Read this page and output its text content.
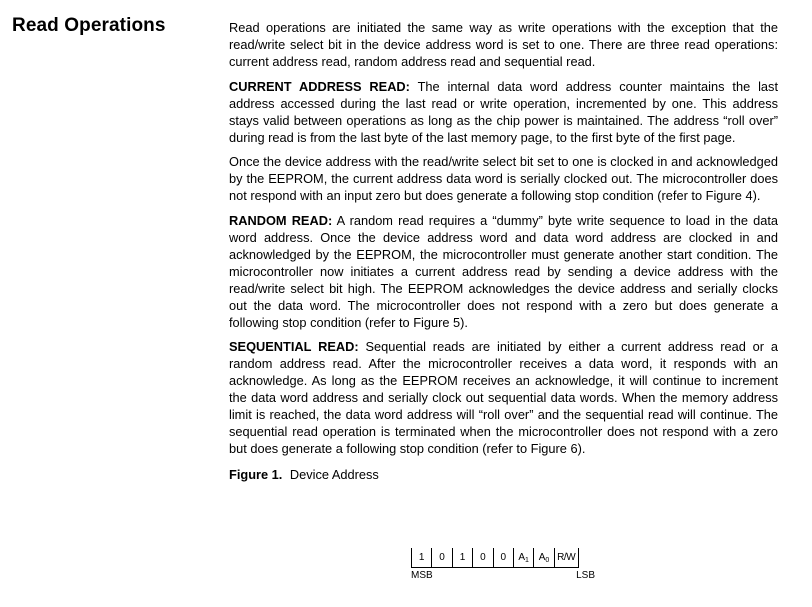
Read Operations	Read operations are initiated the same way as write operations with the exception that the read/write select bit in the device address word is set to one. There are three read operations: current address read, random address read and sequential read.

CURRENT ADDRESS READ: The internal data word address counter maintains the last address accessed during the last read or write operation, incremented by one. This address stays valid between operations as long as the chip power is maintained. The address “roll over” during read is from the last byte of the last memory page, to the first byte of the first page.

Once the device address with the read/write select bit set to one is clocked in and acknowledged by the EEPROM, the current address data word is serially clocked out. The microcontroller does not respond with an input zero but does generate a following stop condition (refer to Figure 4).

RANDOM READ: A random read requires a “dummy” byte write sequence to load in the data word address. Once the device address word and data word address are clocked in and acknowledged by the EEPROM, the microcontroller must generate another start condition. The microcontroller now initiates a current address read by sending a device address with the read/write select bit high. The EEPROM acknowledges the device address and serially clocks out the data word. The microcontroller does not respond with a zero but does generate a following stop condition (refer to Figure 5).

SEQUENTIAL READ: Sequential reads are initiated by either a current address read or a random address read. After the microcontroller receives a data word, it responds with an acknowledge. As long as the EEPROM receives an acknowledge, it will continue to increment the data word address and serially clock out sequential data words. When the memory address limit is reached, the data word address will “roll over” and the sequential read will continue. The sequential read operation is terminated when the microcontroller does not respond with a zero but does generate a following stop condition (refer to Figure 6).

Figure 1. Device Address
1	0	1	0	0	$A_1$ $A_0$ R/W
MSB	LSB
